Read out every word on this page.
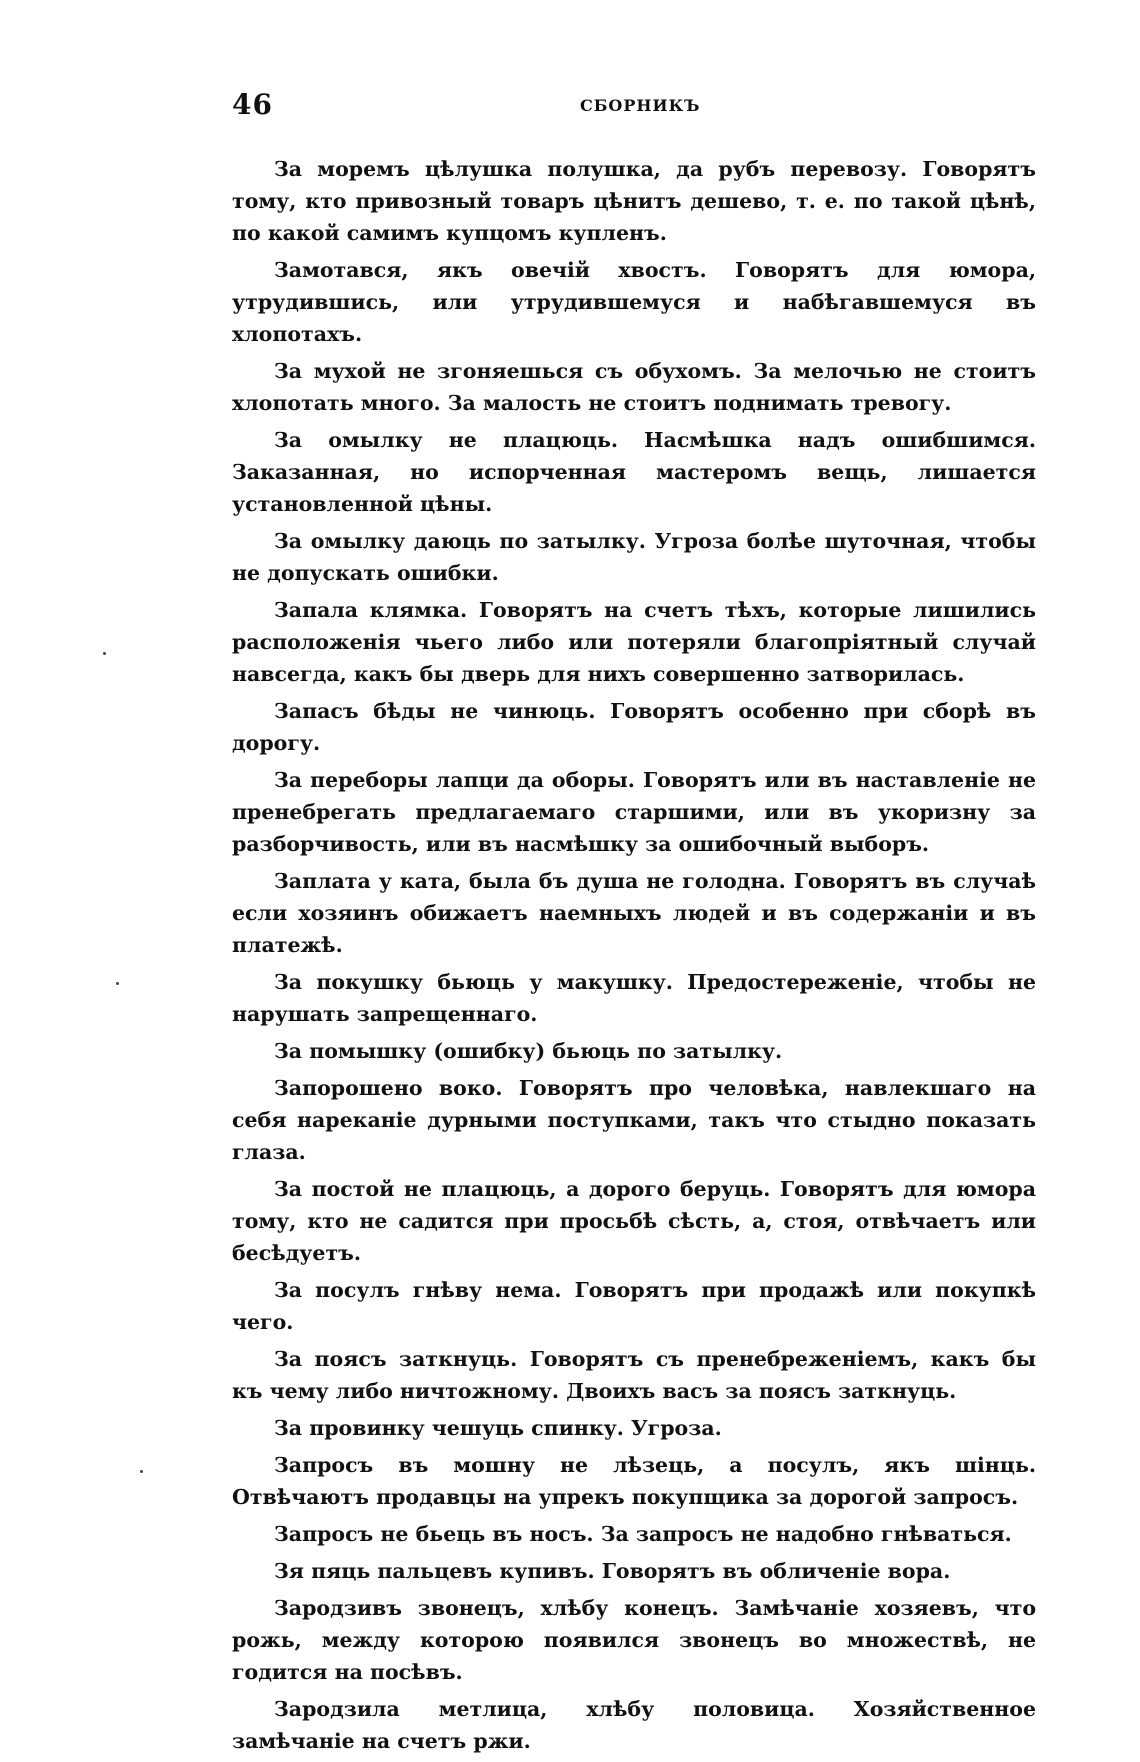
46	СБОРНИКЪ

За моремъ цѣлушка полушка, да рубъ перевозу. Говорятъ тому, кто привозный товаръ цѣнитъ дешево, т. е. по такой цѣнѣ, по какой самимъ купцомъ купленъ.

Замотався, якъ овечій хвостъ. Говорятъ для юмора, утрудившись, или утрудившемуся и набѣгавшемуся въ хлопотахъ.

За мухой не згоняешься съ обухомъ. За мелочью не стоитъ хлопотать много. За малость не стоитъ поднимать тревогу.

За омылку не плацюць. Насмѣшка надъ ошибшимся. Заказанная, но испорченная мастеромъ вещь, лишается установленной цѣны.

За омылку даюць по затылку. Угроза болѣе шуточная, чтобы не допускать ошибки.

Запала клямка. Говорятъ на счетъ тѣхъ, которые лишились расположенія чьего либо или потеряли благопріятный случай навсегда, какъ бы дверь для нихъ совершенно затворилась.

Запасъ бѣды не чинюць. Говорятъ особенно при сборѣ въ дорогу.

За переборы лапци да оборы. Говорятъ или въ наставленіе не пренебрегать предлагаемаго старшими, или въ укоризну за разборчивость, или въ насмѣшку за ошибочный выборъ.

Заплата у ката, была бъ душа не голодна. Говорятъ въ случаѣ если хозяинъ обижаетъ наемныхъ людей и въ содержаніи и въ платежѣ.

За покушку бьюць у макушку. Предостереженіе, чтобы не нарушать запрещеннаго.

За помышку (ошибку) бьюць по затылку.

Запорошено воко. Говорятъ про человѣка, навлекшаго на себя нареканіе дурными поступками, такъ что стыдно показать глаза.

За постой не плацюць, а дорого беруць. Говорятъ для юмора тому, кто не садится при просьбѣ сѣсть, а, стоя, отвѣчаетъ или бесѣдуетъ.

За посулъ гнѣву нема. Говорятъ при продажѣ или покупкѣ чего.

За поясъ заткнуць. Говорятъ съ пренебреженіемъ, какъ бы къ чему либо ничтожному. Двоихъ васъ за поясъ заткнуць.

За провинку чешуць спинку. Угроза.

Запросъ въ мошну не лѣзець, а посулъ, якъ шінць. Отвѣчаютъ продавцы на упрекъ покупщика за дорогой запросъ.

Запросъ не бьець въ носъ. За запросъ не надобно гнѣваться.

Зя пяць пальцевъ купивъ. Говорятъ въ обличеніе вора.

Зародзивъ звонецъ, хлѣбу конецъ. Замѣчаніе хозяевъ, что рожь, между которою появился звонецъ во множествѣ, не годится на посѣвъ.

Зародзила метлица, хлѣбу половица. Хозяйственное замѣчаніе на счетъ ржи.
